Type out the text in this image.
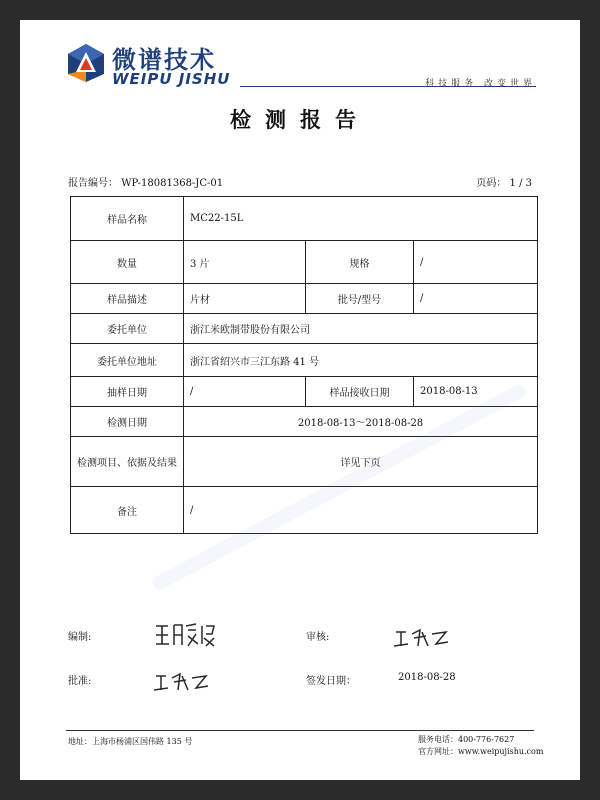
微谱技术
WEIPU JISHU	科技服务 改变世界
检测报告
报告编号： WP-18081368-JC-01	页码： 1 / 3
样品名称	MC22-15L		
数量	3 片	规格	/
样品描述	片材	批号/型号	/
委托单位	浙江米欧制带股份有限公司		
委托单位地址	浙江省绍兴市三江东路 41 号		
抽样日期	/	样品接收日期	2018-08-13
检测日期	2018-08-13～2018-08-28		
检测项目、依据及结果	详见下页		
备注	/		
编制:	审核:
批准:	签发日期：	2018-08-28
地址：上海市杨浦区国伟路 135 号	服务电话：400-776-7627
官方网址：www.weipujishu.com
